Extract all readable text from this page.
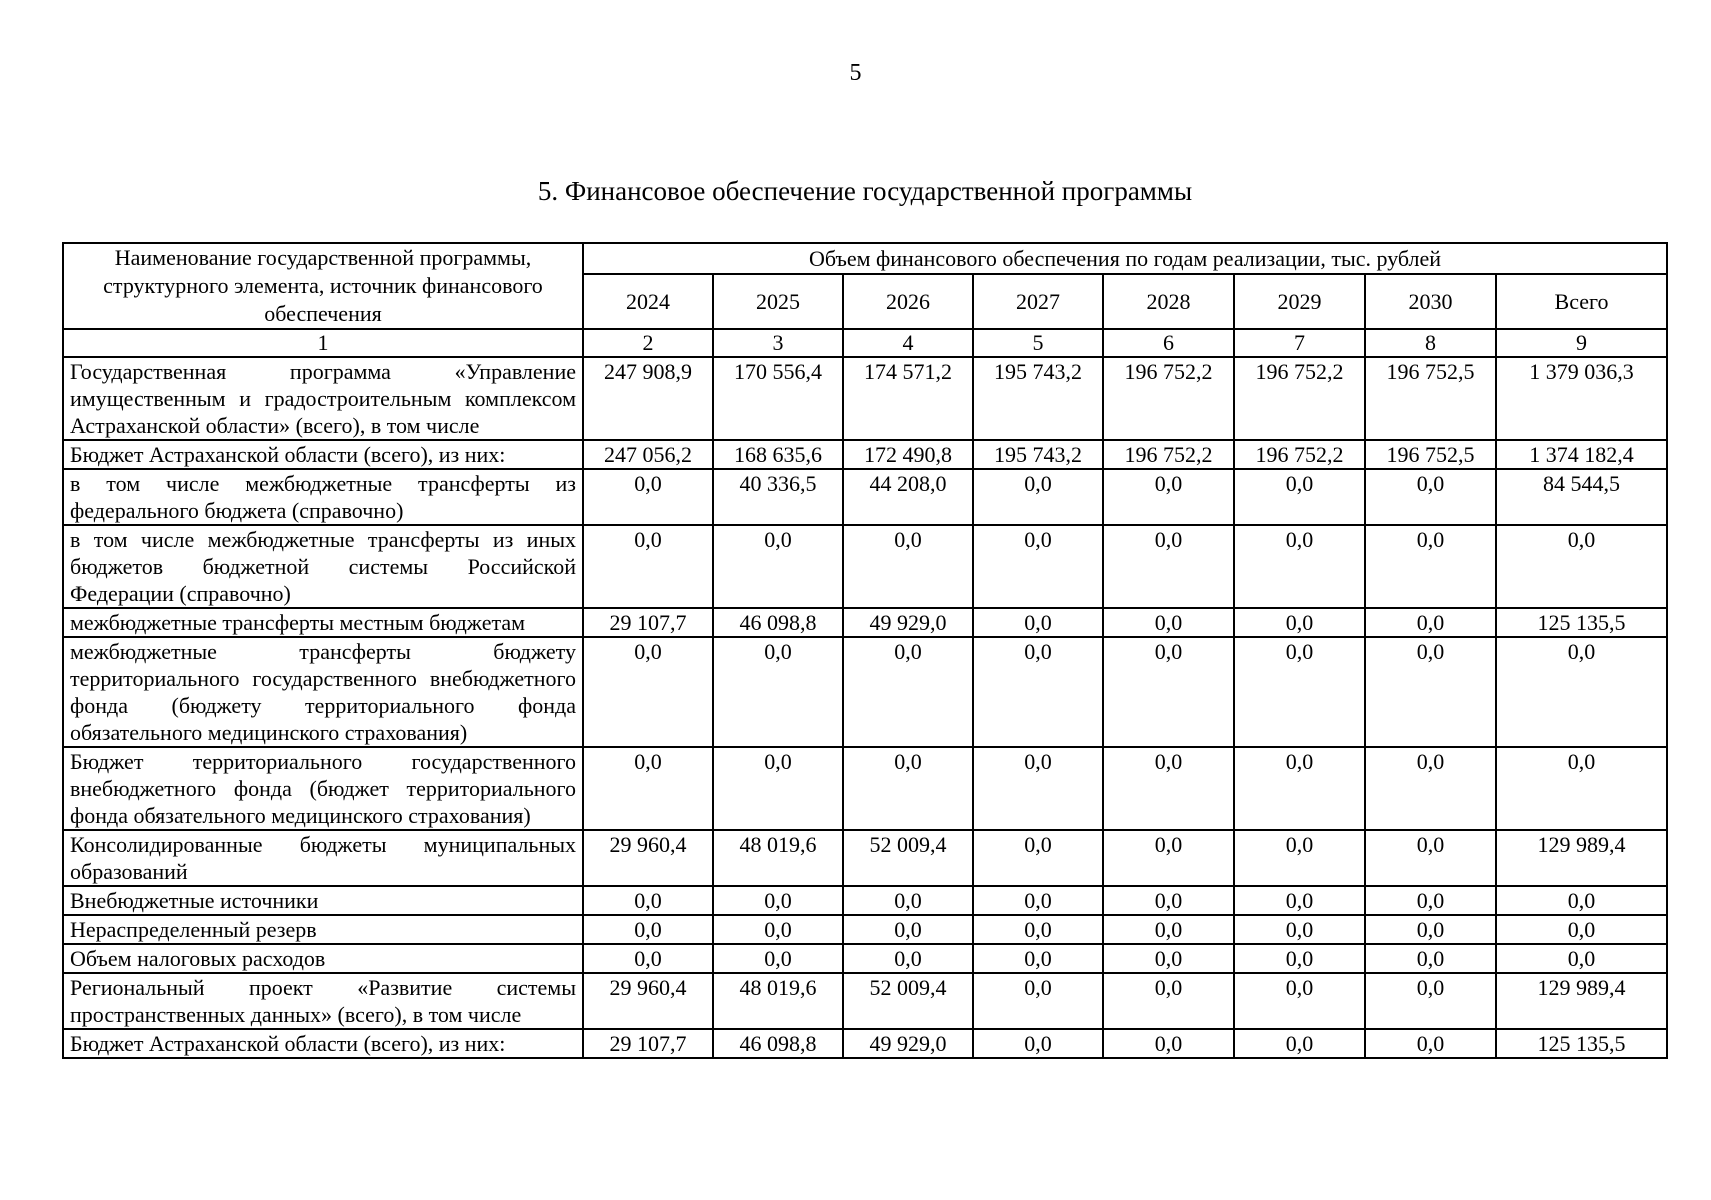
5
5. Финансовое обеспечение государственной программы
Наименование государственной программы, структурного элемента, источник финансового обеспечения	Объем финансового обеспечения по годам реализации, тыс. рублей							
	2024	2025	2026	2027	2028	2029	2030	Всего
1	2	3	4	5	6	7	8	9
Государственная программа «Управление имущественным и градостроительным комплексом Астраханской области» (всего), в том числе	247 908,9	170 556,4	174 571,2	195 743,2	196 752,2	196 752,2	196 752,5	1 379 036,3
Бюджет Астраханской области (всего), из них:	247 056,2	168 635,6	172 490,8	195 743,2	196 752,2	196 752,2	196 752,5	1 374 182,4
в том числе межбюджетные трансферты из федерального бюджета (справочно)	0,0	40 336,5	44 208,0	0,0	0,0	0,0	0,0	84 544,5
в том числе межбюджетные трансферты из иных бюджетов бюджетной системы Российской Федерации (справочно)	0,0	0,0	0,0	0,0	0,0	0,0	0,0	0,0
межбюджетные трансферты местным бюджетам	29 107,7	46 098,8	49 929,0	0,0	0,0	0,0	0,0	125 135,5
межбюджетные трансферты бюджету территориального государственного внебюджетного фонда (бюджету территориального фонда обязательного медицинского страхования)	0,0	0,0	0,0	0,0	0,0	0,0	0,0	0,0
Бюджет территориального государственного внебюджетного фонда (бюджет территориального фонда обязательного медицинского страхования)	0,0	0,0	0,0	0,0	0,0	0,0	0,0	0,0
Консолидированные бюджеты муниципальных образований	29 960,4	48 019,6	52 009,4	0,0	0,0	0,0	0,0	129 989,4
Внебюджетные источники	0,0	0,0	0,0	0,0	0,0	0,0	0,0	0,0
Нераспределенный резерв	0,0	0,0	0,0	0,0	0,0	0,0	0,0	0,0
Объем налоговых расходов	0,0	0,0	0,0	0,0	0,0	0,0	0,0	0,0
Региональный проект «Развитие системы пространственных данных» (всего), в том числе	29 960,4	48 019,6	52 009,4	0,0	0,0	0,0	0,0	129 989,4
Бюджет Астраханской области (всего), из них:	29 107,7	46 098,8	49 929,0	0,0	0,0	0,0	0,0	125 135,5
